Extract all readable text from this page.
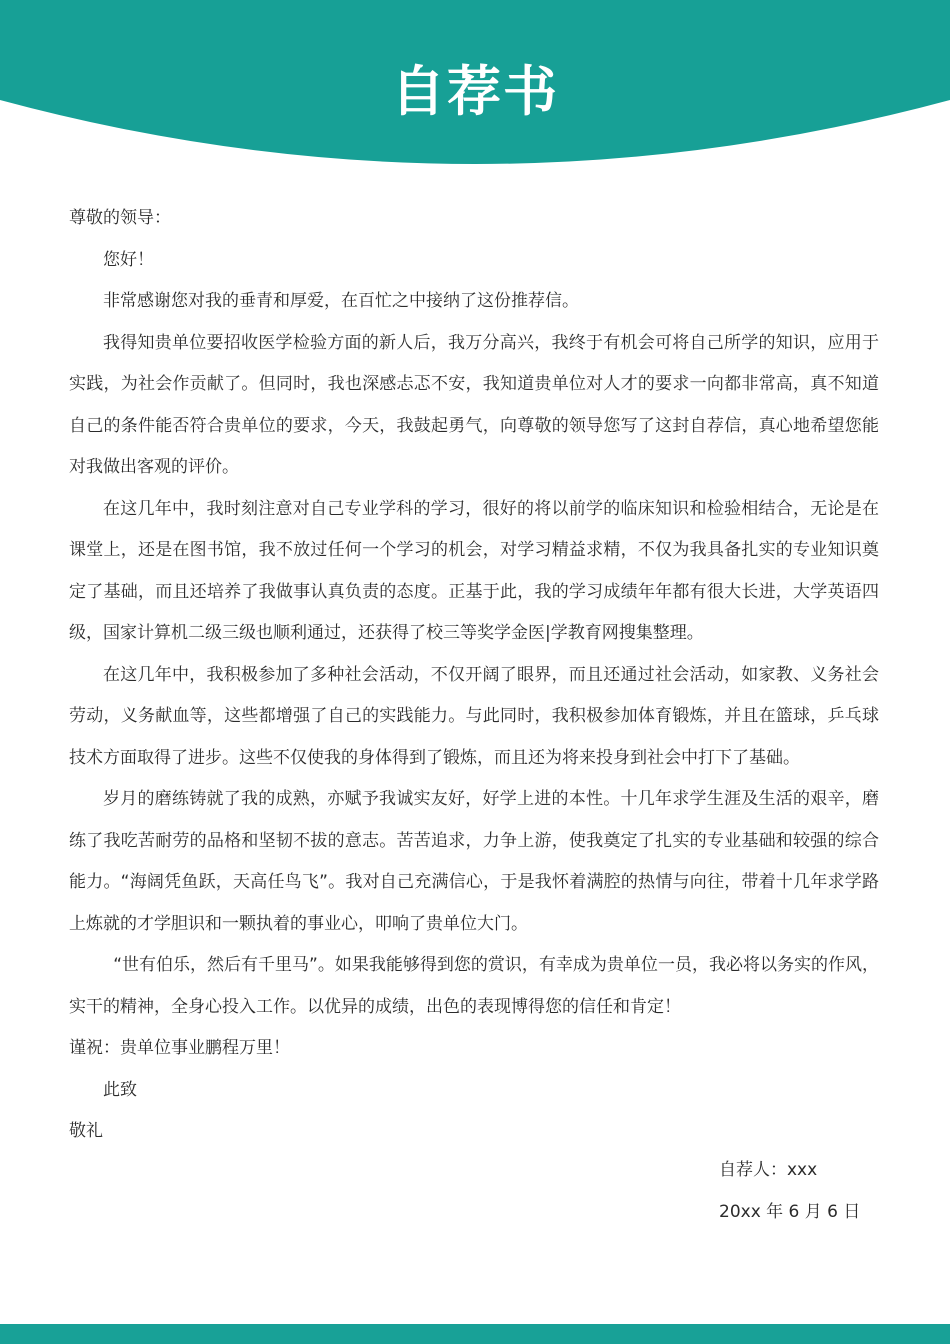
自荐书

尊敬的领导：

您好！

非常感谢您对我的垂青和厚爱，在百忙之中接纳了这份推荐信。

我得知贵单位要招收医学检验方面的新人后，我万分高兴，我终于有机会可将自己所学的知识，应用于实践，为社会作贡献了。但同时，我也深感忐忑不安，我知道贵单位对人才的要求一向都非常高，真不知道自己的条件能否符合贵单位的要求，今天，我鼓起勇气，向尊敬的领导您写了这封自荐信，真心地希望您能对我做出客观的评价。

在这几年中，我时刻注意对自己专业学科的学习，很好的将以前学的临床知识和检验相结合，无论是在课堂上，还是在图书馆，我不放过任何一个学习的机会，对学习精益求精，不仅为我具备扎实的专业知识奠定了基础，而且还培养了我做事认真负责的态度。正基于此，我的学习成绩年年都有很大长进，大学英语四级，国家计算机二级三级也顺利通过，还获得了校三等奖学金医|学教育网搜集整理。

在这几年中，我积极参加了多种社会活动，不仅开阔了眼界，而且还通过社会活动，如家教、义务社会劳动，义务献血等，这些都增强了自己的实践能力。与此同时，我积极参加体育锻炼，并且在篮球，乒乓球技术方面取得了进步。这些不仅使我的身体得到了锻炼，而且还为将来投身到社会中打下了基础。

岁月的磨练铸就了我的成熟，亦赋予我诚实友好，好学上进的本性。十几年求学生涯及生活的艰辛，磨练了我吃苦耐劳的品格和坚韧不拔的意志。苦苦追求，力争上游，使我奠定了扎实的专业基础和较强的综合能力。“海阔凭鱼跃，天高任鸟飞”。我对自己充满信心，于是我怀着满腔的热情与向往，带着十几年求学路上炼就的才学胆识和一颗执着的事业心，叩响了贵单位大门。

“世有伯乐，然后有千里马”。如果我能够得到您的赏识，有幸成为贵单位一员，我必将以务实的作风，实干的精神，全身心投入工作。以优异的成绩，出色的表现博得您的信任和肯定！

谨祝：贵单位事业鹏程万里！

此致

敬礼

自荐人：xxx

20xx 年 6 月 6 日
